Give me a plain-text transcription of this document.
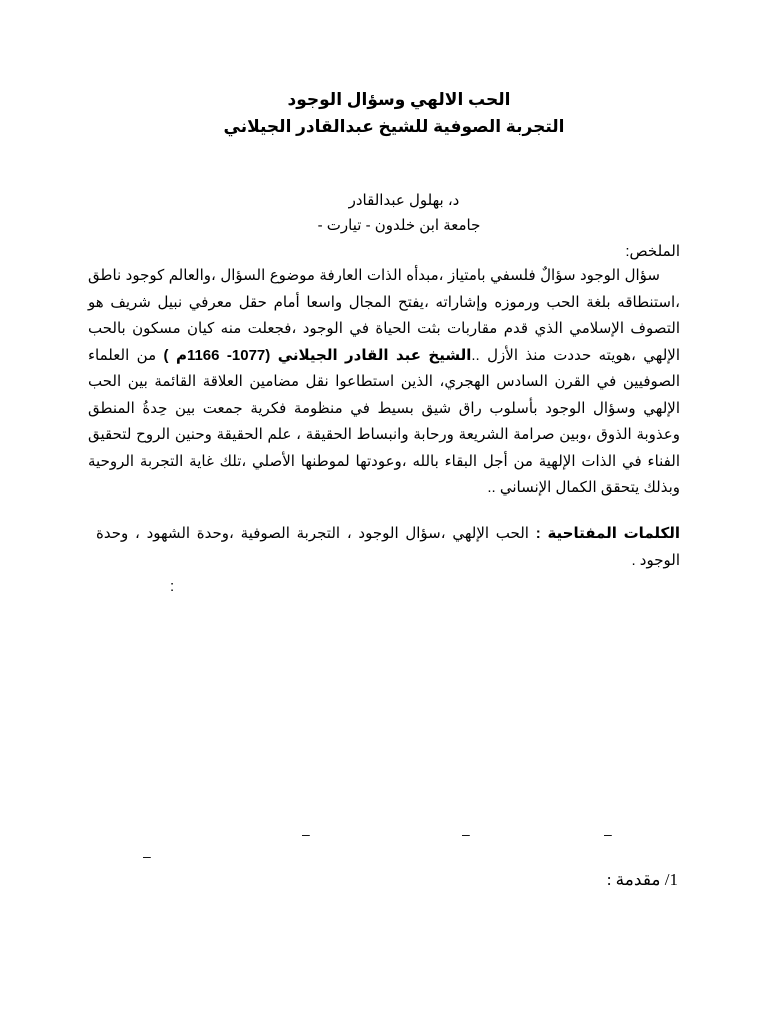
الحب الالهي وسؤال الوجود
التجربة الصوفية للشيخ عبدالقادر الجيلاني
د، بهلول عبدالقادر
جامعة ابن خلدون - تيارت -
الملخص:
سؤال الوجود سؤالٌ فلسفي بامتياز ،مبدأه الذات العارفة موضوع السؤال ،والعالم كوجود ناطق ،استنطاقه بلغة الحب ورموزه وإشاراته ،يفتح المجال واسعا أمام حقل معرفي نبيل شريف هو التصوف الإسلامي الذي قدم مقاربات بثت الحياة في الوجود ،فجعلت منه كيان مسكون بالحب الإلهي ،هويته حددت منذ الأزل ..الشيخ عبد القادر الجيلاني (1077- 1166م ) من العلماء الصوفيين في القرن السادس الهجري، الذين استطاعوا نقل مضامين العلاقة القائمة بين الحب الإلهي وسؤال الوجود بأسلوب راق شيق بسيط في منظومة فكرية جمعت بين حِدةُ المنطق وعذوبة الذوق ،وبين صرامة الشريعة ورحابة وانبساط الحقيقة ، علم الحقيقة وحنين الروح لتحقيق الفناء في الذات الإلهية من أجل البقاء بالله ،وعودتها لموطنها الأصلي ،تلك غاية التجربة الروحية وبذلك يتحقق الكمال الإنساني ..
الكلمات المفتاحية : الحب الإلهي ،سؤال الوجود ، التجربة الصوفية ،وحدة الشهود ، وحدة الوجود .
:
–	–	–
–
1/ مقدمة :
